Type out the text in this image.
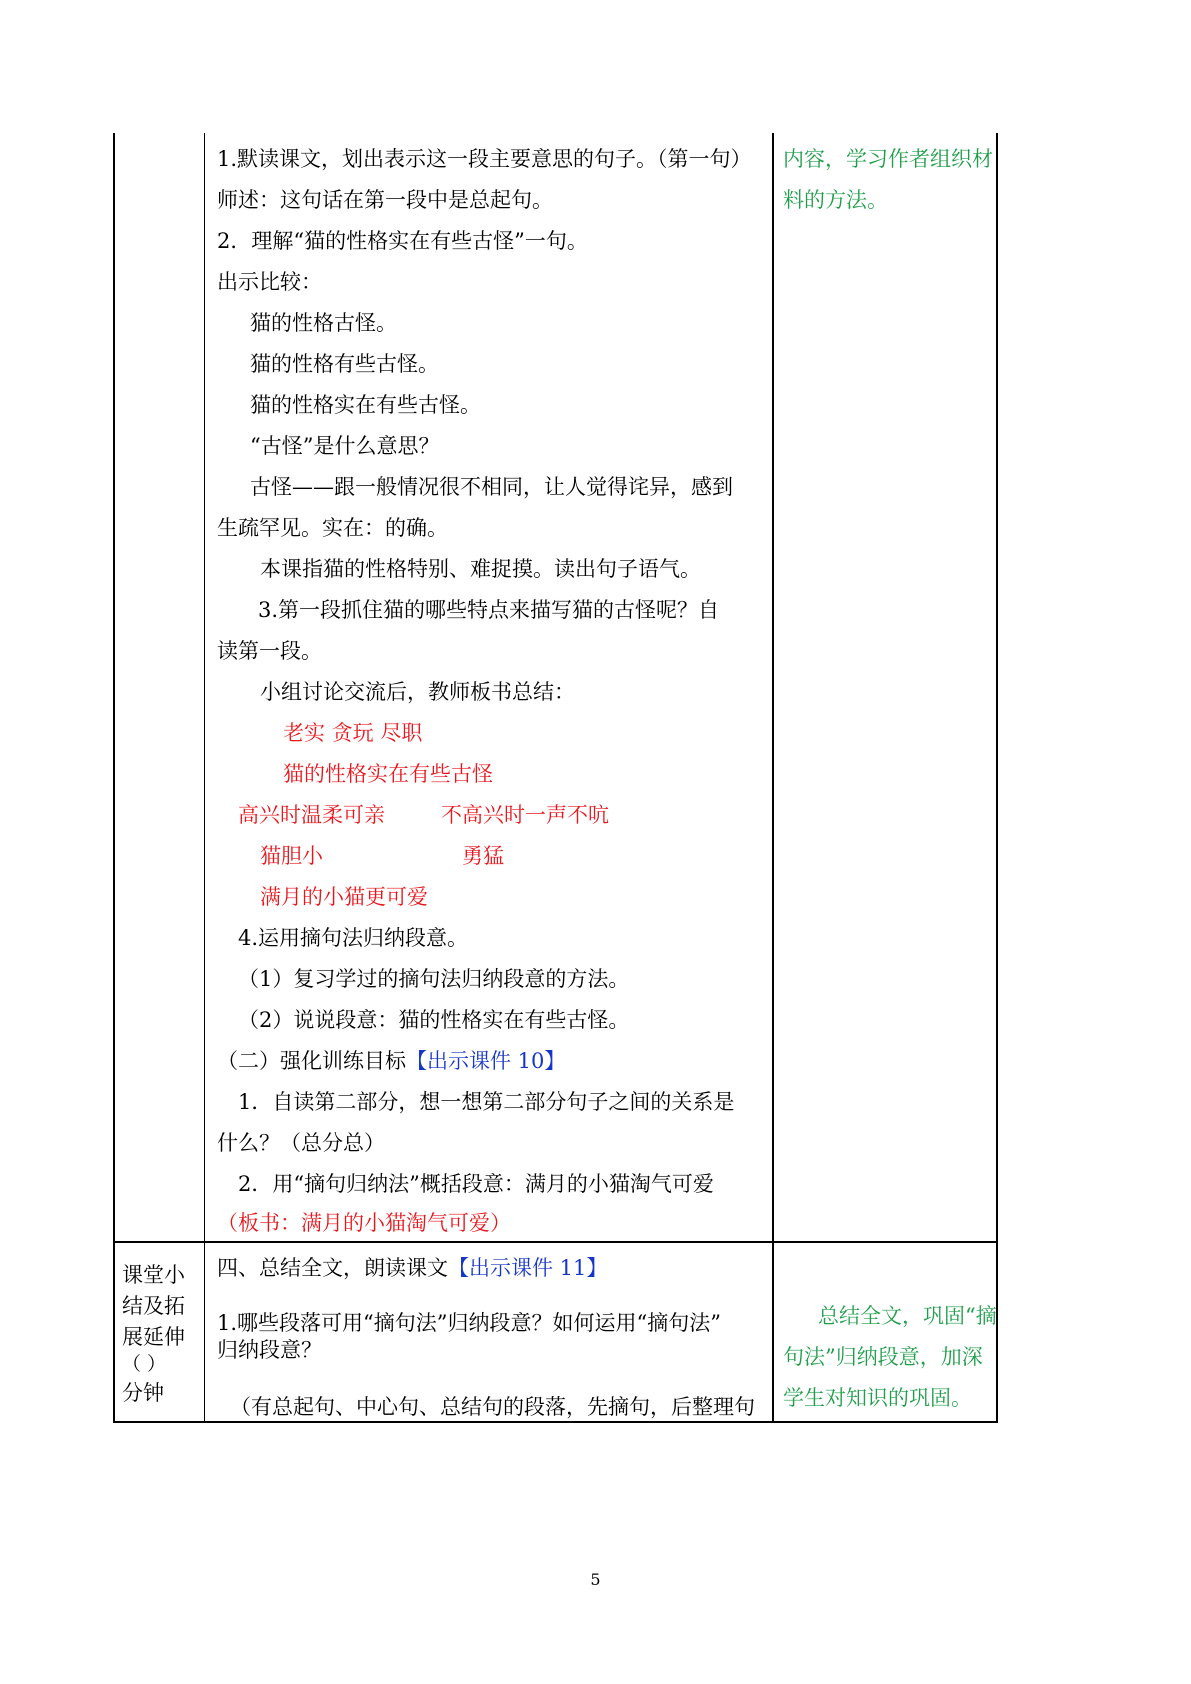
1.默读课文，划出表示这一段主要意思的句子。（第一句）
师述：这句话在第一段中是总起句。
2．理解“猫的性格实在有些古怪”一句。
出示比较：
猫的性格古怪。
猫的性格有些古怪。
猫的性格实在有些古怪。
“古怪”是什么意思？
古怪——跟一般情况很不相同，让人觉得诧异，感到
生疏罕见。实在：的确。
本课指猫的性格特别、难捉摸。读出句子语气。
3.第一段抓住猫的哪些特点来描写猫的古怪呢？自
读第一段。
小组讨论交流后，教师板书总结：
老实 贪玩 尽职
猫的性格实在有些古怪
高兴时温柔可亲	不高兴时一声不吭
猫胆小	勇猛
满月的小猫更可爱
4.运用摘句法归纳段意。
（1）复习学过的摘句法归纳段意的方法。
（2）说说段意：猫的性格实在有些古怪。
（二）强化训练目标【出示课件 10】
1．自读第二部分，想一想第二部分句子之间的关系是
什么？（总分总）
2．用“摘句归纳法”概括段意：满月的小猫淘气可爱
（板书：满月的小猫淘气可爱）
内容，学习作者组织材
料的方法。
课堂小
结及拓
展延伸
（ ）
分钟
四、总结全文，朗读课文【出示课件 11】
1.哪些段落可用“摘句法”归纳段意？如何运用“摘句法”
归纳段意？
（有总起句、中心句、总结句的段落，先摘句，后整理句
总结全文，巩固“摘
句法”归纳段意，加深
学生对知识的巩固。
5
